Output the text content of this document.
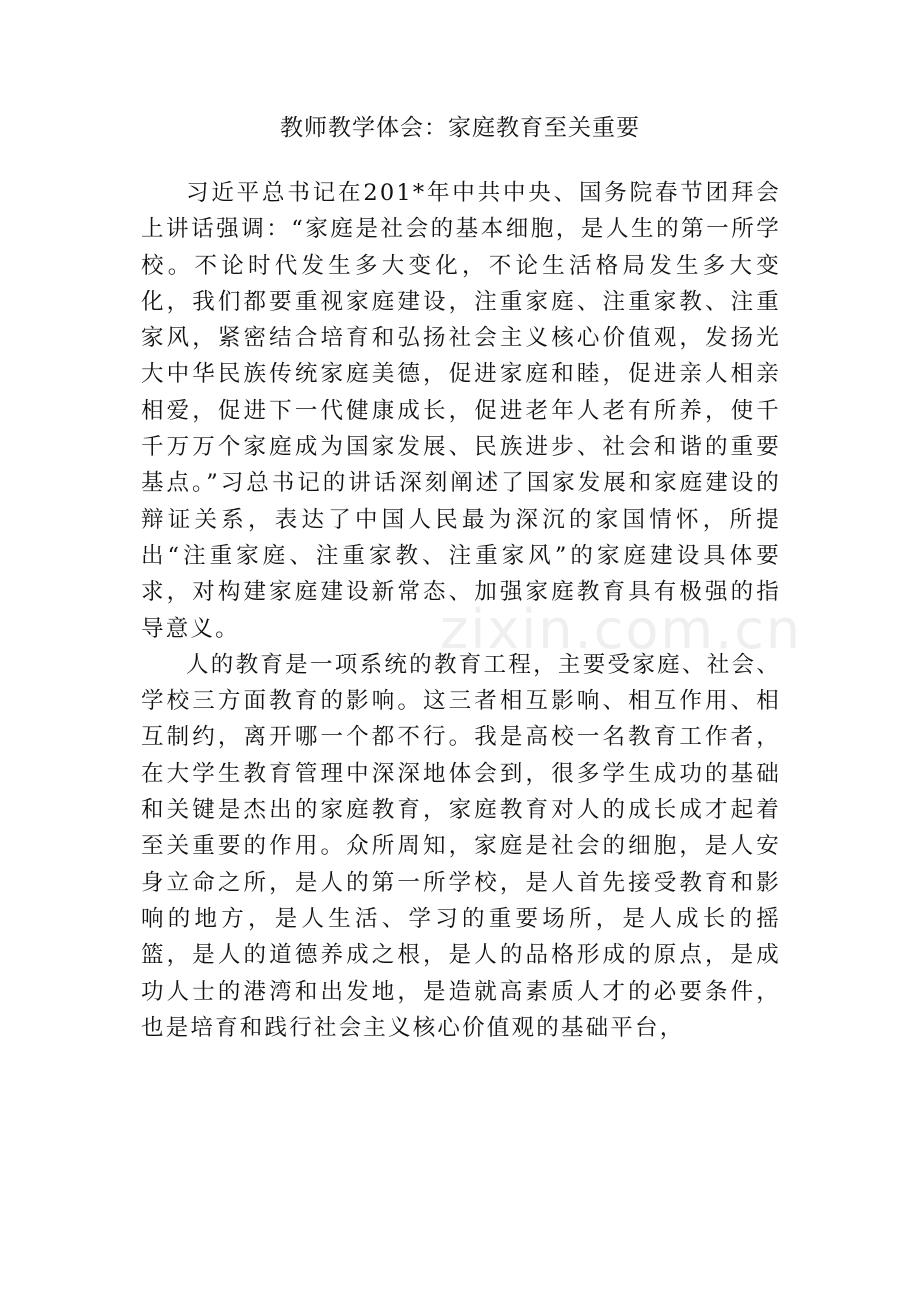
教师教学体会：家庭教育至关重要

习近平总书记在201*年中共中央、国务院春节团拜会上讲话强调：“家庭是社会的基本细胞，是人生的第一所学校。不论时代发生多大变化，不论生活格局发生多大变化，我们都要重视家庭建设，注重家庭、注重家教、注重家风，紧密结合培育和弘扬社会主义核心价值观，发扬光大中华民族传统家庭美德，促进家庭和睦，促进亲人相亲相爱，促进下一代健康成长，促进老年人老有所养，使千千万万个家庭成为国家发展、民族进步、社会和谐的重要基点。”习总书记的讲话深刻阐述了国家发展和家庭建设的辩证关系，表达了中国人民最为深沉的家国情怀，所提出“注重家庭、注重家教、注重家风”的家庭建设具体要求，对构建家庭建设新常态、加强家庭教育具有极强的指导意义。

人的教育是一项系统的教育工程，主要受家庭、社会、学校三方面教育的影响。这三者相互影响、相互作用、相互制约，离开哪一个都不行。我是高校一名教育工作者，在大学生教育管理中深深地体会到，很多学生成功的基础和关键是杰出的家庭教育，家庭教育对人的成长成才起着至关重要的作用。众所周知，家庭是社会的细胞，是人安身立命之所，是人的第一所学校，是人首先接受教育和影响的地方，是人生活、学习的重要场所，是人成长的摇篮，是人的道德养成之根，是人的品格形成的原点，是成功人士的港湾和出发地，是造就高素质人才的必要条件，也是培育和践行社会主义核心价值观的基础平台，

zixin.com.cn
